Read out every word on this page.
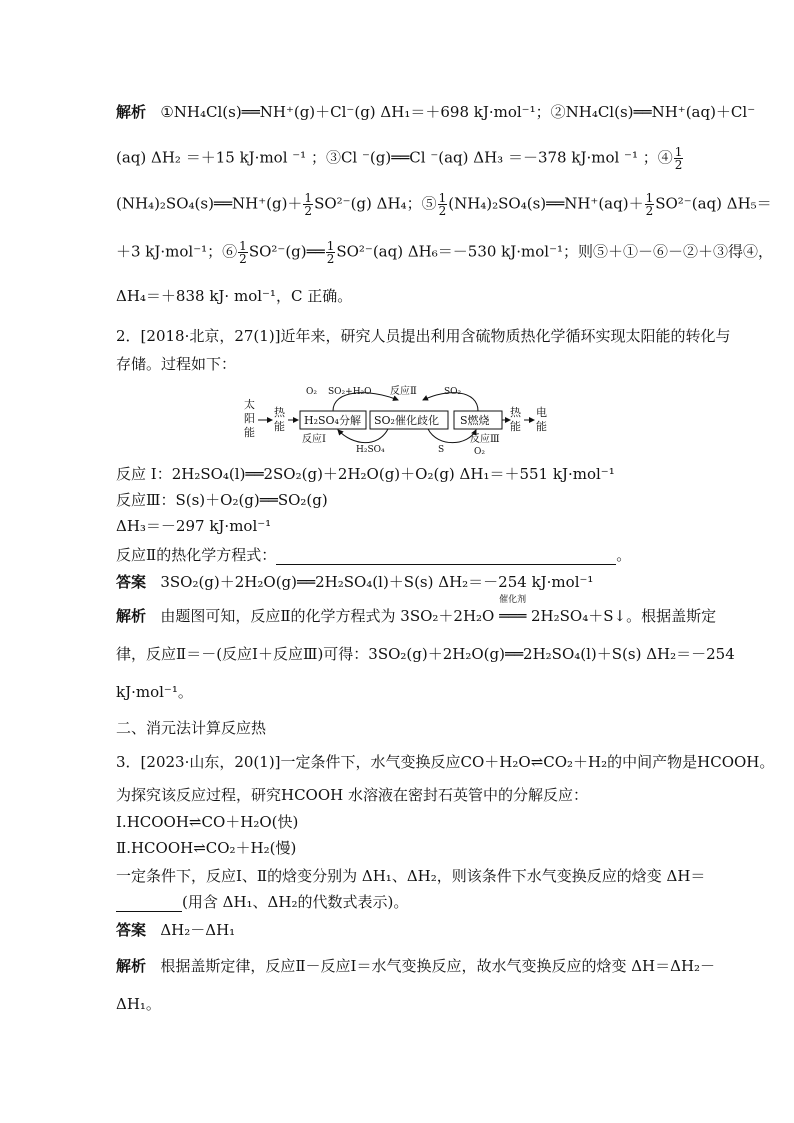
解析 ①NH₄Cl(s)══NH⁺(g)＋Cl⁻(g) ΔH₁＝＋698 kJ·mol⁻¹；②NH₄Cl(s)══NH⁺(aq)＋Cl⁻
(aq) ΔH₂ ＝＋15 kJ·mol ⁻¹ ；③Cl ⁻(g)══Cl ⁻(aq) ΔH₃ ＝－378 kJ·mol ⁻¹ ；④ $\frac{1}{2}$
(NH₄)₂SO₄(s)══NH⁺(g)＋ $\frac{1}{2} SO^{2-}(g)$ ΔH₄；⑤ $\frac{1}{2}$ (NH₄)₂SO₄(s)══NH⁺(aq)＋ $\frac{1}{2} SO^{2-}(aq)$ ΔH₅＝
＋3 kJ·mol⁻¹；⑥ $\frac{1}{2}$ SO²⁻(g)══ $\frac{1}{2} SO^{2-}(aq)$ ΔH₆＝－530 kJ·mol⁻¹；则⑤＋①－⑥－②＋③得④，
ΔH₄＝＋838 kJ· mol⁻¹，C 正确。
2．[2018·北京，27(1)]近年来，研究人员提出利用含硫物质热化学循环实现太阳能的转化与
存储。过程如下：
太
阳
能
热
能 H₂SO₄分解 SO₂催化歧化 S燃烧
热
能
电
能
O₂ SO₂+H₂O 反应Ⅱ	SO₂
反应Ⅰ
H₂SO₄	S
反应Ⅲ
O₂
反应 Ⅰ：2H₂SO₄(l)══2SO₂(g)＋2H₂O(g)＋O₂(g) ΔH₁＝＋551 kJ·mol⁻¹
反应Ⅲ：S(s)＋O₂(g)══SO₂(g)
ΔH₃＝－297 kJ·mol⁻¹
反应Ⅱ的热化学方程式：	。
答案 3SO₂(g)＋2H₂O(g)══2H₂SO₄(l)＋S(s) ΔH₂＝－254 kJ·mol⁻¹
解析 由题图可知，反应Ⅱ的化学方程式为 3SO₂＋2H₂O
催化剂
═══ 2H₂SO₄＋S↓。根据盖斯定
律，反应Ⅱ＝－(反应Ⅰ＋反应Ⅲ)可得：3SO₂(g)＋2H₂O(g)══2H₂SO₄(l)＋S(s) ΔH₂＝－254
kJ·mol⁻¹。
二、消元法计算反应热
3．[2023·山东，20(1)]一定条件下，水气变换反应CO＋H₂O⇌CO₂＋H₂的中间产物是HCOOH。
为探究该反应过程，研究HCOOH 水溶液在密封石英管中的分解反应：
Ⅰ.HCOOH⇌CO＋H₂O(快)
Ⅱ.HCOOH⇌CO₂＋H₂(慢)
一定条件下，反应Ⅰ、Ⅱ的焓变分别为 ΔH₁、ΔH₂，则该条件下水气变换反应的焓变 ΔH＝
(用含 ΔH₁、ΔH₂的代数式表示)。
答案 ΔH₂－ΔH₁
解析 根据盖斯定律，反应Ⅱ－反应Ⅰ＝水气变换反应，故水气变换反应的焓变 ΔH＝ΔH₂－
ΔH₁。
